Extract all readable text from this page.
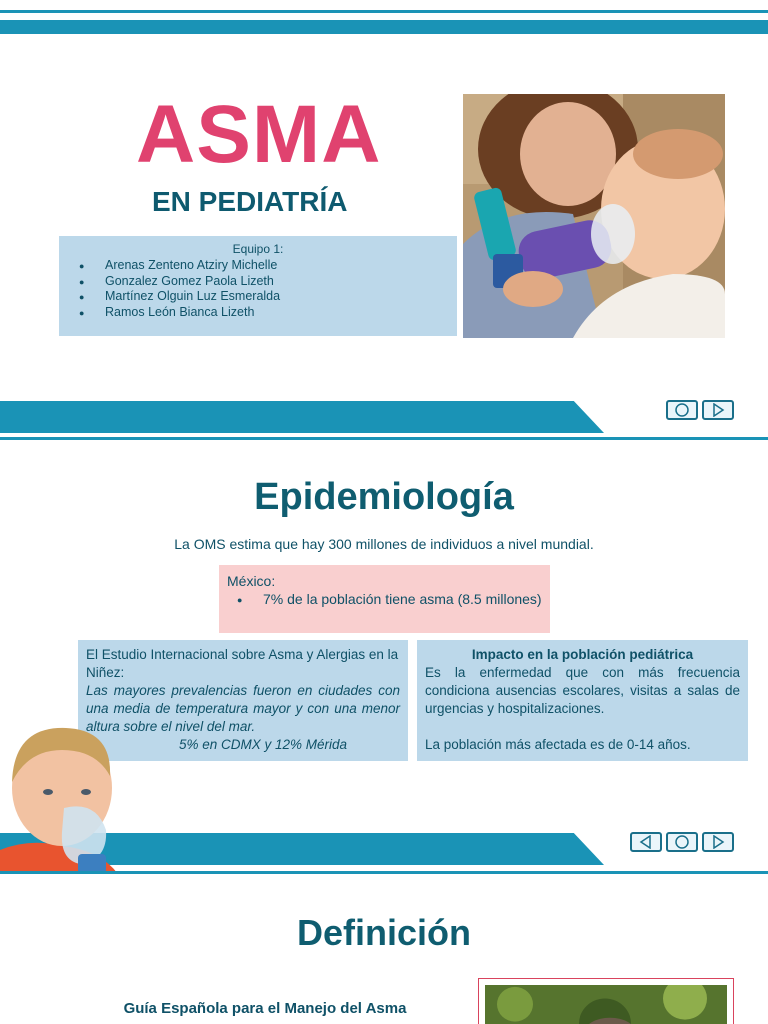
ASMA
EN PEDIATRÍA
Equipo 1:
● Arenas Zenteno Atziry Michelle
● Gonzalez Gomez Paola Lizeth
● Martínez Olguin Luz Esmeralda
● Ramos León Bianca Lizeth
Epidemiología
La OMS estima que hay 300 millones de individuos a nivel mundial.
México:
● 7% de la población tiene asma (8.5 millones)
El Estudio Internacional sobre Asma y Alergias en la Niñez:
Las mayores prevalencias fueron en ciudades con una media de temperatura mayor y con una menor altura sobre el nivel del mar.
5% en CDMX y 12% Mérida
Impacto en la población pediátrica
Es la enfermedad que con más frecuencia condiciona ausencias escolares, visitas a salas de urgencias y hospitalizaciones.
La población más afectada es de 0-14 años.
Definición
Guía Española para el Manejo del Asma
